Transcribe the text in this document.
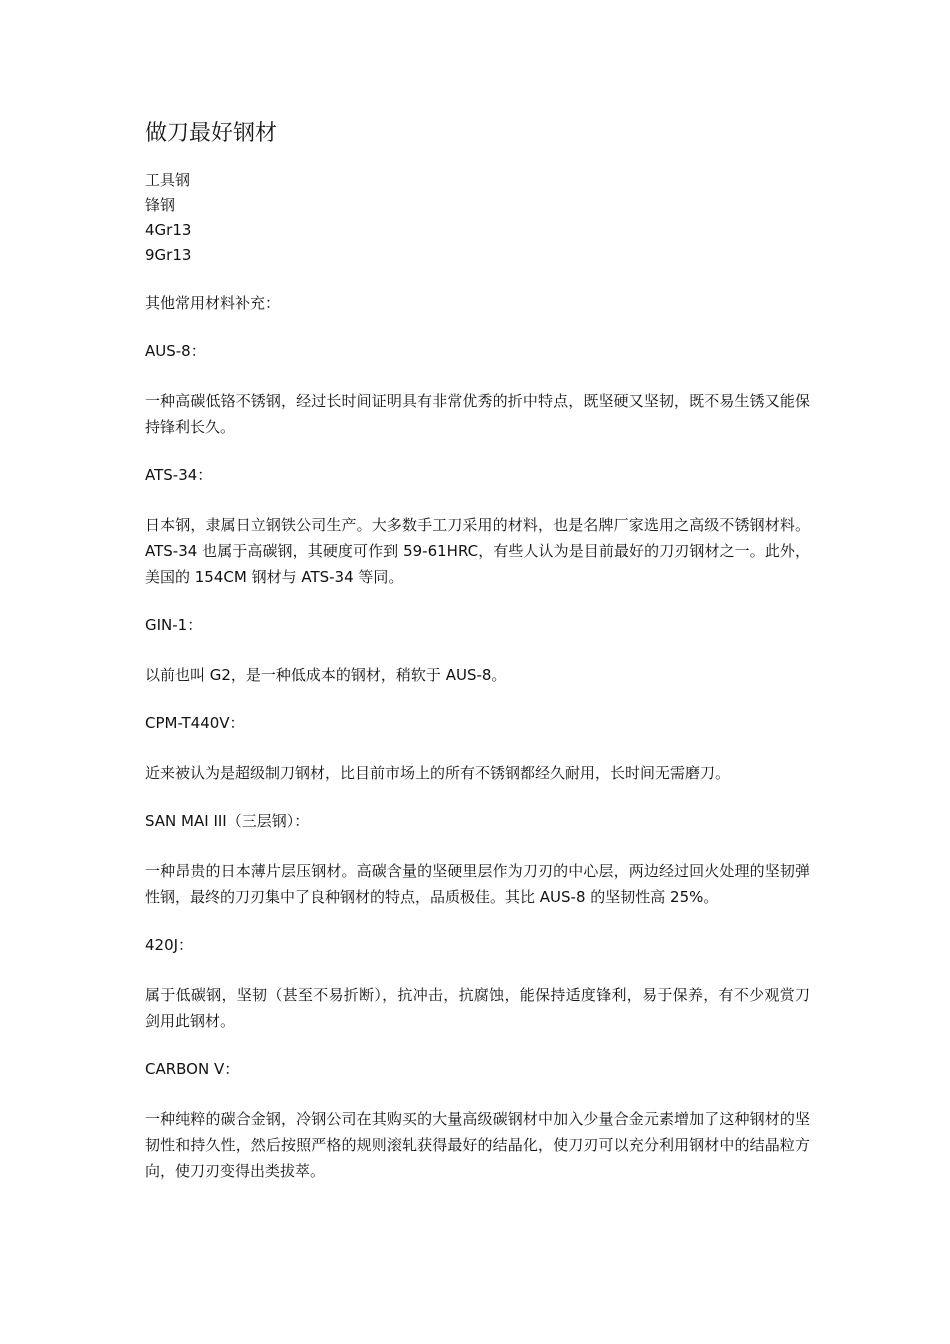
做刀最好钢材

工具钢

锋钢

4Gr13

9Gr13

其他常用材料补充：

AUS-8：

一种高碳低铬不锈钢，经过长时间证明具有非常优秀的折中特点，既坚硬又坚韧，既不易生锈又能保持锋利长久。

ATS-34：

日本钢，隶属日立钢铁公司生产。大多数手工刀采用的材料，也是名牌厂家选用之高级不锈钢材料。ATS-34 也属于高碳钢，其硬度可作到 59-61HRC，有些人认为是目前最好的刀刃钢材之一。此外，美国的 154CM 钢材与 ATS-34 等同。

GIN-1：

以前也叫 G2，是一种低成本的钢材，稍软于 AUS-8。

CPM-T440V：

近来被认为是超级制刀钢材，比目前市场上的所有不锈钢都经久耐用，长时间无需磨刀。

SAN MAI III（三层钢）：

一种昂贵的日本薄片层压钢材。高碳含量的坚硬里层作为刀刃的中心层，两边经过回火处理的坚韧弹性钢，最终的刀刃集中了良种钢材的特点，品质极佳。其比 AUS-8 的坚韧性高 25%。

420J：

属于低碳钢，坚韧（甚至不易折断），抗冲击，抗腐蚀，能保持适度锋利，易于保养，有不少观赏刀剑用此钢材。

CARBON V：

一种纯粹的碳合金钢，冷钢公司在其购买的大量高级碳钢材中加入少量合金元素增加了这种钢材的坚韧性和持久性，然后按照严格的规则滚轧获得最好的结晶化，使刀刃可以充分利用钢材中的结晶粒方向，使刀刃变得出类拔萃。
